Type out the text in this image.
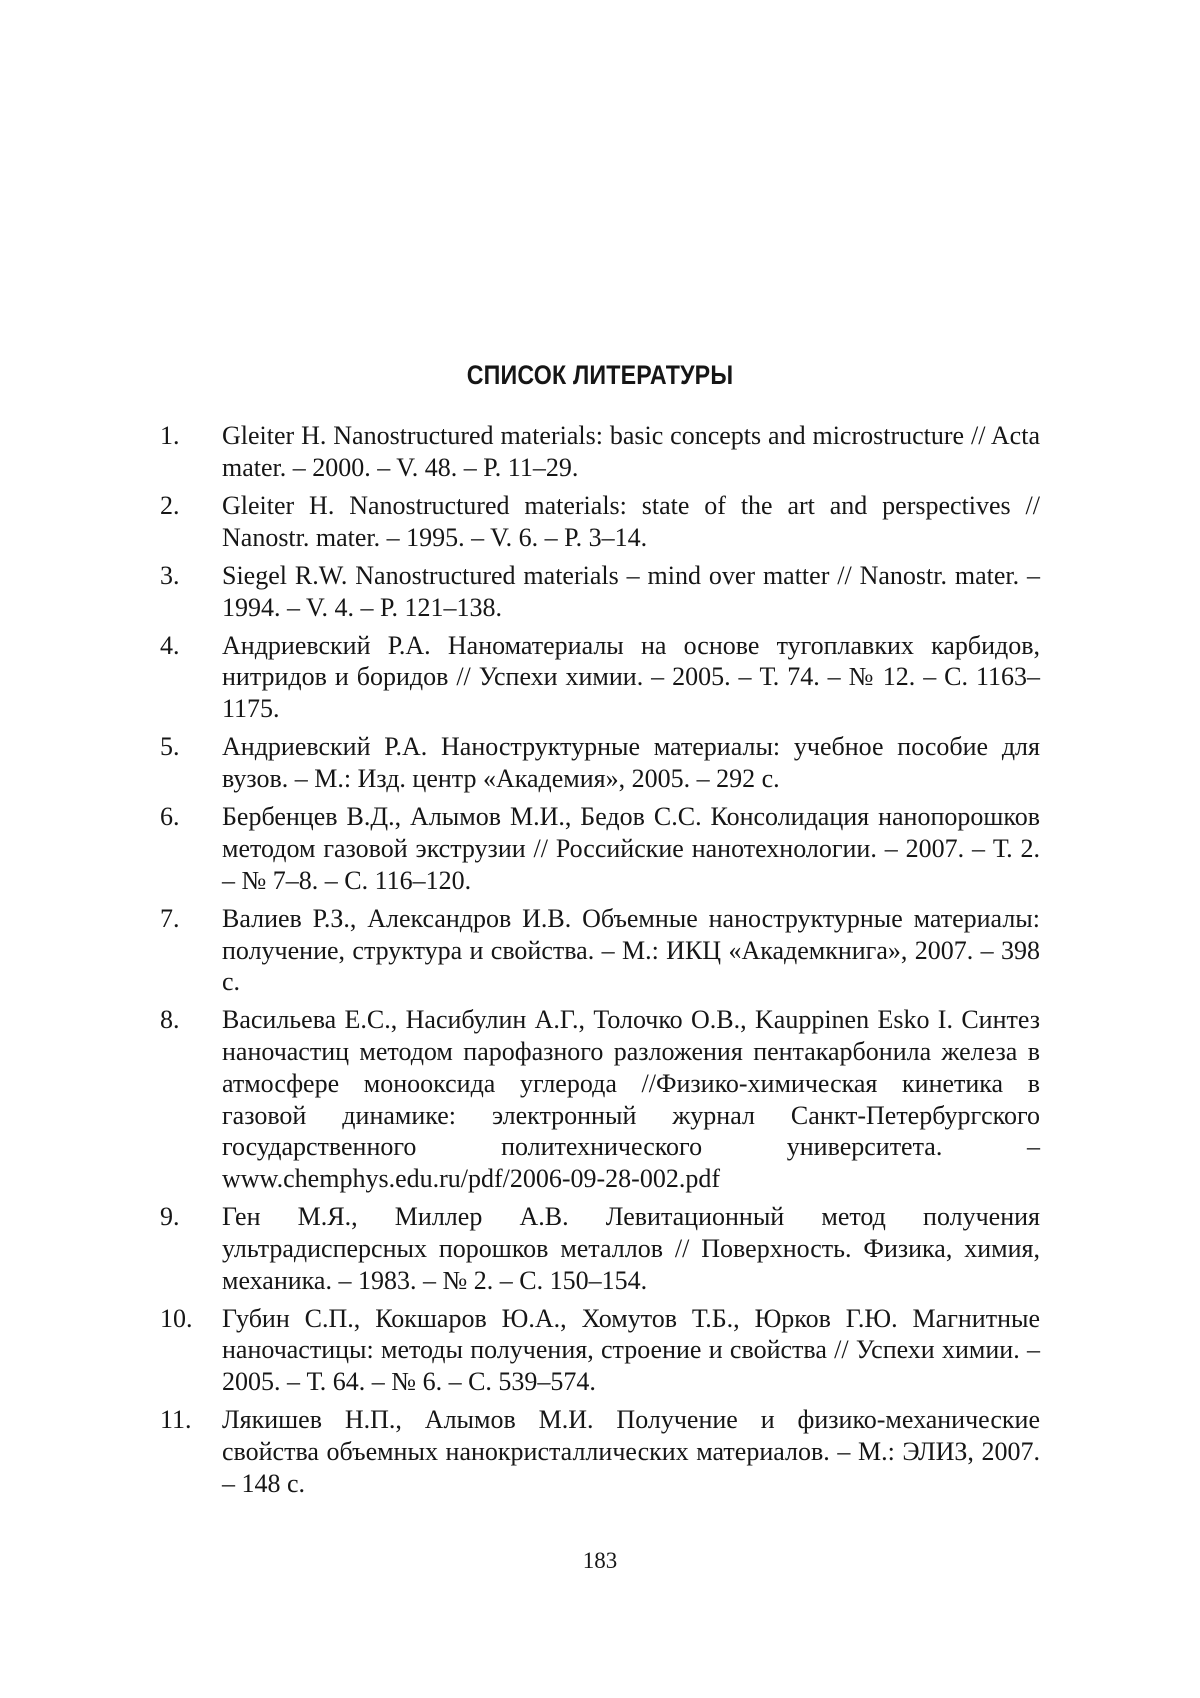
СПИСОК ЛИТЕРАТУРЫ
1.	Gleiter H. Nanostructured materials: basic concepts and microstructure // Acta mater. – 2000. – V. 48. – P. 11–29.
2.	Gleiter H. Nanostructured materials: state of the art and perspectives // Nanostr. mater. – 1995. – V. 6. – P. 3–14.
3.	Siegel R.W. Nanostructured materials – mind over matter // Nanostr. mater. – 1994. – V. 4. – P. 121–138.
4.	Андриевский Р.А. Наноматериалы на основе тугоплавких карбидов, нитридов и боридов // Успехи химии. – 2005. – Т. 74. – № 12. – С. 1163–1175.
5.	Андриевский Р.А. Наноструктурные материалы: учебное пособие для вузов. – М.: Изд. центр «Академия», 2005. – 292 с.
6.	Бербенцев В.Д., Алымов М.И., Бедов С.С. Консолидация нанопорошков методом газовой экструзии // Российские нанотехнологии. – 2007. – Т. 2. – № 7–8. – С. 116–120.
7.	Валиев Р.З., Александров И.В. Объемные наноструктурные материалы: получение, структура и свойства. – М.: ИКЦ «Академкнига», 2007. – 398 с.
8.	Васильева Е.С., Насибулин А.Г., Толочко О.В., Kauppinen Esko I. Синтез наночастиц методом парофазного разложения пентакарбонила железа в атмосфере монооксида углерода //Физико-химическая кинетика в газовой динамике: электронный журнал Санкт-Петербургского государственного политехнического университета. – www.chemphys.edu.ru/pdf/2006-09-28-002.pdf
9.	Ген М.Я., Миллер А.В. Левитационный метод получения ультрадисперсных порошков металлов // Поверхность. Физика, химия, механика. – 1983. – № 2. – С. 150–154.
10.	Губин С.П., Кокшаров Ю.А., Хомутов Т.Б., Юрков Г.Ю. Магнитные наночастицы: методы получения, строение и свойства // Успехи химии. – 2005. – Т. 64. – № 6. – С. 539–574.
11.	Лякишев Н.П., Алымов М.И. Получение и физико-механические свойства объемных нанокристаллических материалов. – М.: ЭЛИЗ, 2007. – 148 с.
183
